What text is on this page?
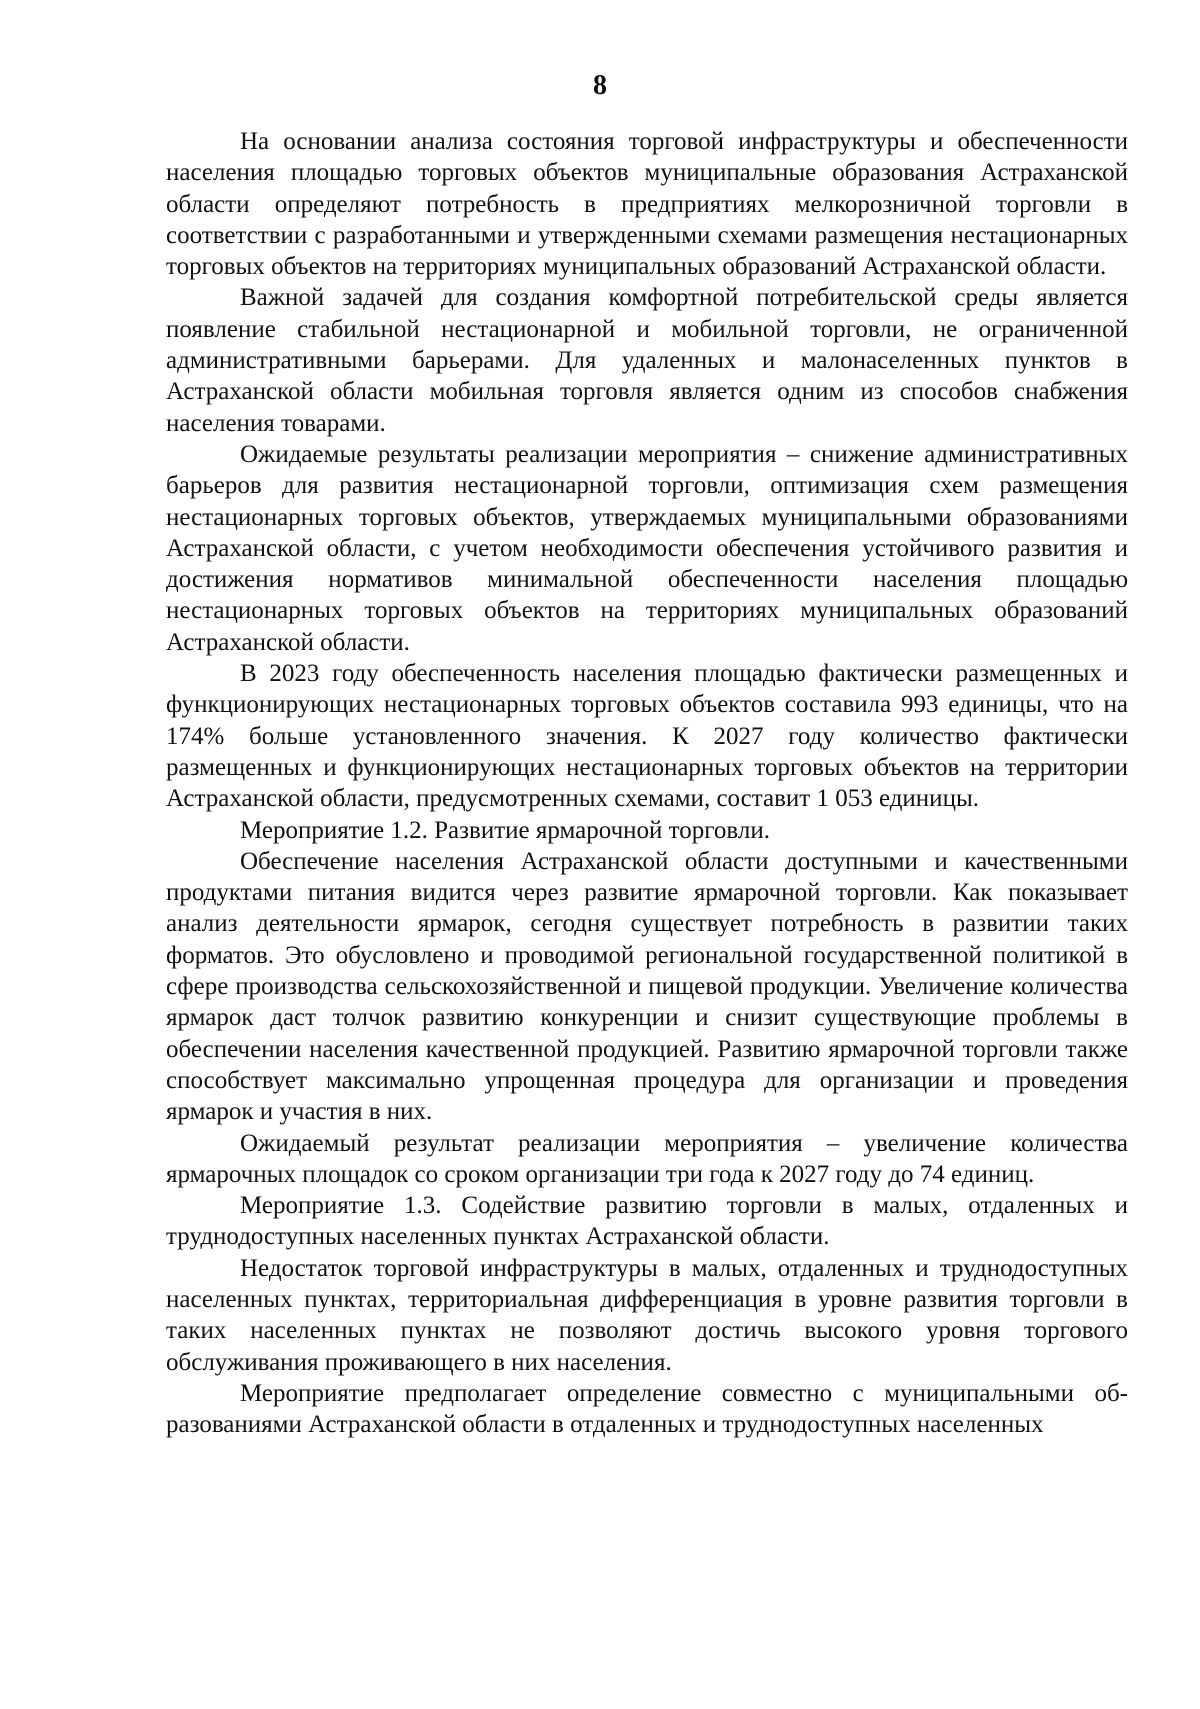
8

На основании анализа состояния торговой инфраструктуры и обеспеченности населения площадью торговых объектов муниципальные образования Астраханской области определяют потребность в предприятиях мелкорозничной торговли в соответствии с разработанными и утвержденными схемами размещения нестационарных торговых объектов на территориях муниципальных образований Астраханской области.

Важной задачей для создания комфортной потребительской среды является появление стабильной нестационарной и мобильной торговли, не ограниченной административными барьерами. Для удаленных и малонаселенных пунктов в Астраханской области мобильная торговля является одним из способов снабжения населения товарами.

Ожидаемые результаты реализации мероприятия – снижение административных барьеров для развития нестационарной торговли, оптимизация схем размещения нестационарных торговых объектов, утверждаемых муниципальными образованиями Астраханской области, с учетом необходимости обеспечения устойчивого развития и достижения нормативов минимальной обеспеченности населения площадью нестационарных торговых объектов на территориях муниципальных образований Астраханской области.

В 2023 году обеспеченность населения площадью фактически размещенных и функционирующих нестационарных торговых объектов составила 993 единицы, что на 174% больше установленного значения. К 2027 году количество фактически размещенных и функционирующих нестационарных торговых объектов на территории Астраханской области, предусмотренных схемами, составит 1 053 единицы.

Мероприятие 1.2. Развитие ярмарочной торговли.

Обеспечение населения Астраханской области доступными и качественными продуктами питания видится через развитие ярмарочной торговли. Как показывает анализ деятельности ярмарок, сегодня существует потребность в развитии таких форматов. Это обусловлено и проводимой региональной государственной политикой в сфере производства сельскохозяйственной и пищевой продукции. Увеличение количества ярмарок даст толчок развитию конкуренции и снизит существующие проблемы в обеспечении населения качественной продукцией. Развитию ярмарочной торговли также способствует максимально упрощенная процедура для организации и проведения ярмарок и участия в них.

Ожидаемый результат реализации мероприятия – увеличение количества ярмарочных площадок со сроком организации три года к 2027 году до 74 единиц.

Мероприятие 1.3. Содействие развитию торговли в малых, отдаленных и труднодоступных населенных пунктах Астраханской области.

Недостаток торговой инфраструктуры в малых, отдаленных и труднодоступных населенных пунктах, территориальная дифференциация в уровне развития торговли в таких населенных пунктах не позволяют достичь высокого уровня торгового обслуживания проживающего в них населения.

Мероприятие предполагает определение совместно с муниципальными образованиями Астраханской области в отдаленных и труднодоступных населенных
